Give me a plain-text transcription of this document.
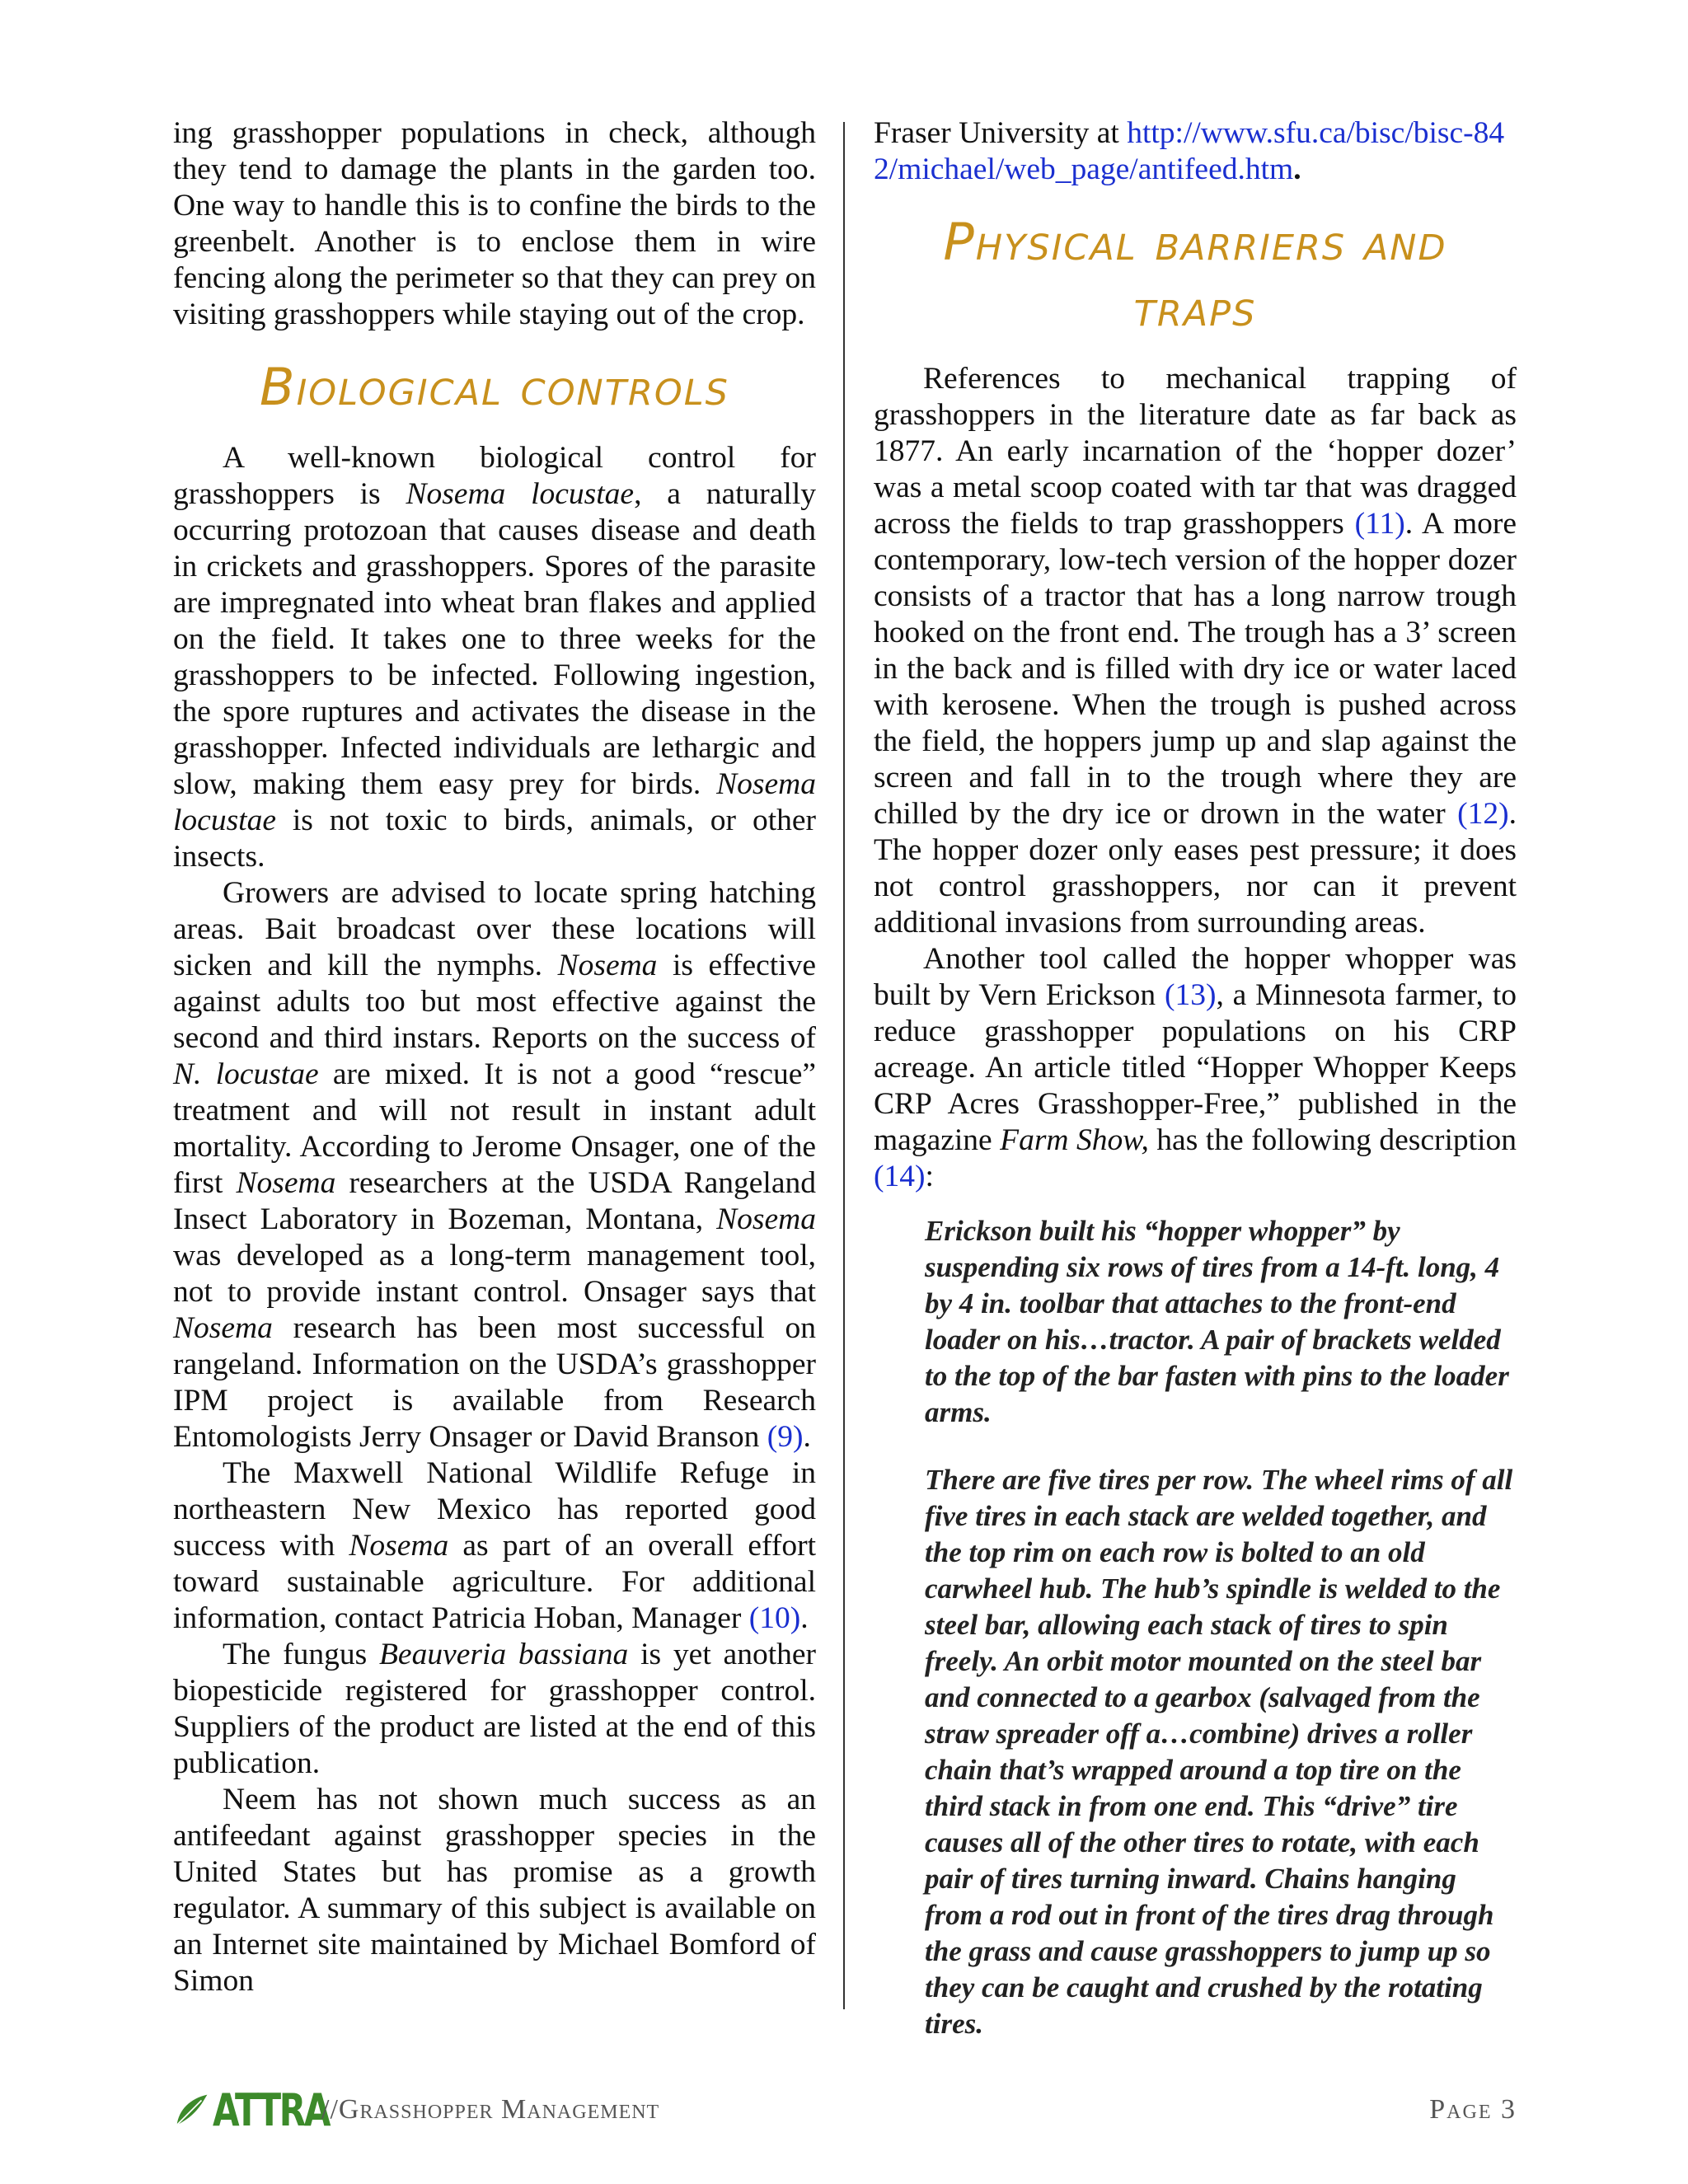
ing grasshopper populations in check, although they tend to damage the plants in the garden too. One way to handle this is to confine the birds to the greenbelt. Another is to enclose them in wire fencing along the perimeter so that they can prey on visiting grasshoppers while staying out of the crop.

Biological controls

A well-known biological control for grasshoppers is Nosema locustae, a naturally occurring protozoan that causes disease and death in crickets and grasshoppers. Spores of the parasite are impregnated into wheat bran flakes and applied on the field. It takes one to three weeks for the grasshoppers to be infected. Following ingestion, the spore ruptures and activates the disease in the grasshopper. Infected individuals are lethargic and slow, making them easy prey for birds. Nosema locustae is not toxic to birds, animals, or other insects.

Growers are advised to locate spring hatching areas. Bait broadcast over these locations will sicken and kill the nymphs. Nosema is effective against adults too but most effective against the second and third instars. Reports on the success of N. locustae are mixed. It is not a good “rescue” treatment and will not result in instant adult mortality. According to Jerome Onsager, one of the first Nosema researchers at the USDA Rangeland Insect Laboratory in Bozeman, Montana, Nosema was developed as a long-term management tool, not to provide instant control. Onsager says that Nosema research has been most successful on rangeland. Information on the USDA’s grasshopper IPM project is available from Research Entomologists Jerry Onsager or David Branson (9).

The Maxwell National Wildlife Refuge in northeastern New Mexico has reported good success with Nosema as part of an overall effort toward sustainable agriculture. For additional information, contact Patricia Hoban, Manager (10).

The fungus Beauveria bassiana is yet another biopesticide registered for grasshopper control. Suppliers of the product are listed at the end of this publication.

Neem has not shown much success as an antifeedant against grasshopper species in the United States but has promise as a growth regulator. A summary of this subject is available on an Internet site maintained by Michael Bomford of Simon

Fraser University at http://www.sfu.ca/bisc/bisc-842/michael/web_page/antifeed.htm.

Physical barriers and traps

References to mechanical trapping of grasshoppers in the literature date as far back as 1877. An early incarnation of the ‘hopper dozer’ was a metal scoop coated with tar that was dragged across the fields to trap grasshoppers (11). A more contemporary, low-tech version of the hopper dozer consists of a tractor that has a long narrow trough hooked on the front end. The trough has a 3’ screen in the back and is filled with dry ice or water laced with kerosene. When the trough is pushed across the field, the hoppers jump up and slap against the screen and fall in to the trough where they are chilled by the dry ice or drown in the water (12). The hopper dozer only eases pest pressure; it does not control grasshoppers, nor can it prevent additional invasions from surrounding areas.

Another tool called the hopper whopper was built by Vern Erickson (13), a Minnesota farmer, to reduce grasshopper populations on his CRP acreage. An article titled “Hopper Whopper Keeps CRP Acres Grasshopper-Free,” published in the magazine Farm Show, has the following description (14):

Erickson built his “hopper whopper” by suspending six rows of tires from a 14-ft. long, 4 by 4 in. toolbar that attaches to the front-end loader on his…tractor. A pair of brackets welded to the top of the bar fasten with pins to the loader arms.

There are five tires per row. The wheel rims of all five tires in each stack are welded together, and the top rim on each row is bolted to an old carwheel hub. The hub’s spindle is welded to the steel bar, allowing each stack of tires to spin freely. An orbit motor mounted on the steel bar and connected to a gearbox (salvaged from the straw spreader off a…combine) drives a roller chain that’s wrapped around a top tire on the third stack in from one end. This “drive” tire causes all of the other tires to rotate, with each pair of tires turning inward. Chains hanging from a rod out in front of the tires drag through the grass and cause grasshoppers to jump up so they can be caught and crushed by the rotating tires.

ATTRA
//Grasshopper Management	Page 3
